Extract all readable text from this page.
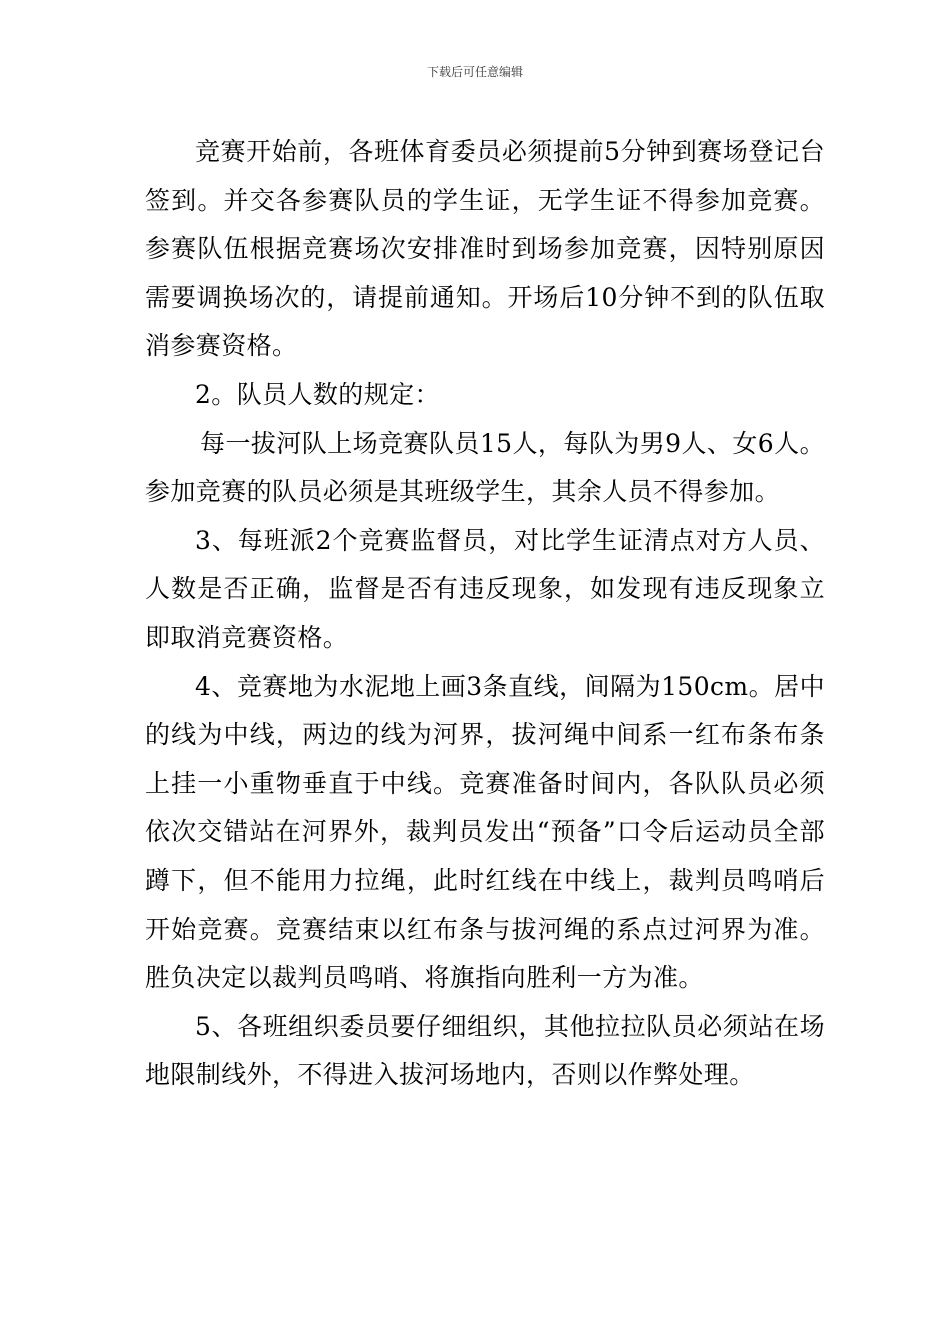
下载后可任意编辑

竞赛开始前，各班体育委员必须提前5分钟到赛场登记台签到。并交各参赛队员的学生证，无学生证不得参加竞赛。参赛队伍根据竞赛场次安排准时到场参加竞赛，因特别原因需要调换场次的，请提前通知。开场后10分钟不到的队伍取消参赛资格。

2。队员人数的规定：

每一拔河队上场竞赛队员15人，每队为男9人、女6人。参加竞赛的队员必须是其班级学生，其余人员不得参加。

3、每班派2个竞赛监督员，对比学生证清点对方人员、人数是否正确，监督是否有违反现象，如发现有违反现象立即取消竞赛资格。

4、竞赛地为水泥地上画3条直线，间隔为150cm。居中的线为中线，两边的线为河界，拔河绳中间系一红布条布条上挂一小重物垂直于中线。竞赛准备时间内，各队队员必须依次交错站在河界外，裁判员发出“预备”口令后运动员全部蹲下，但不能用力拉绳，此时红线在中线上，裁判员鸣哨后开始竞赛。竞赛结束以红布条与拔河绳的系点过河界为准。胜负决定以裁判员鸣哨、将旗指向胜利一方为准。

5、各班组织委员要仔细组织，其他拉拉队员必须站在场地限制线外，不得进入拔河场地内，否则以作弊处理。
